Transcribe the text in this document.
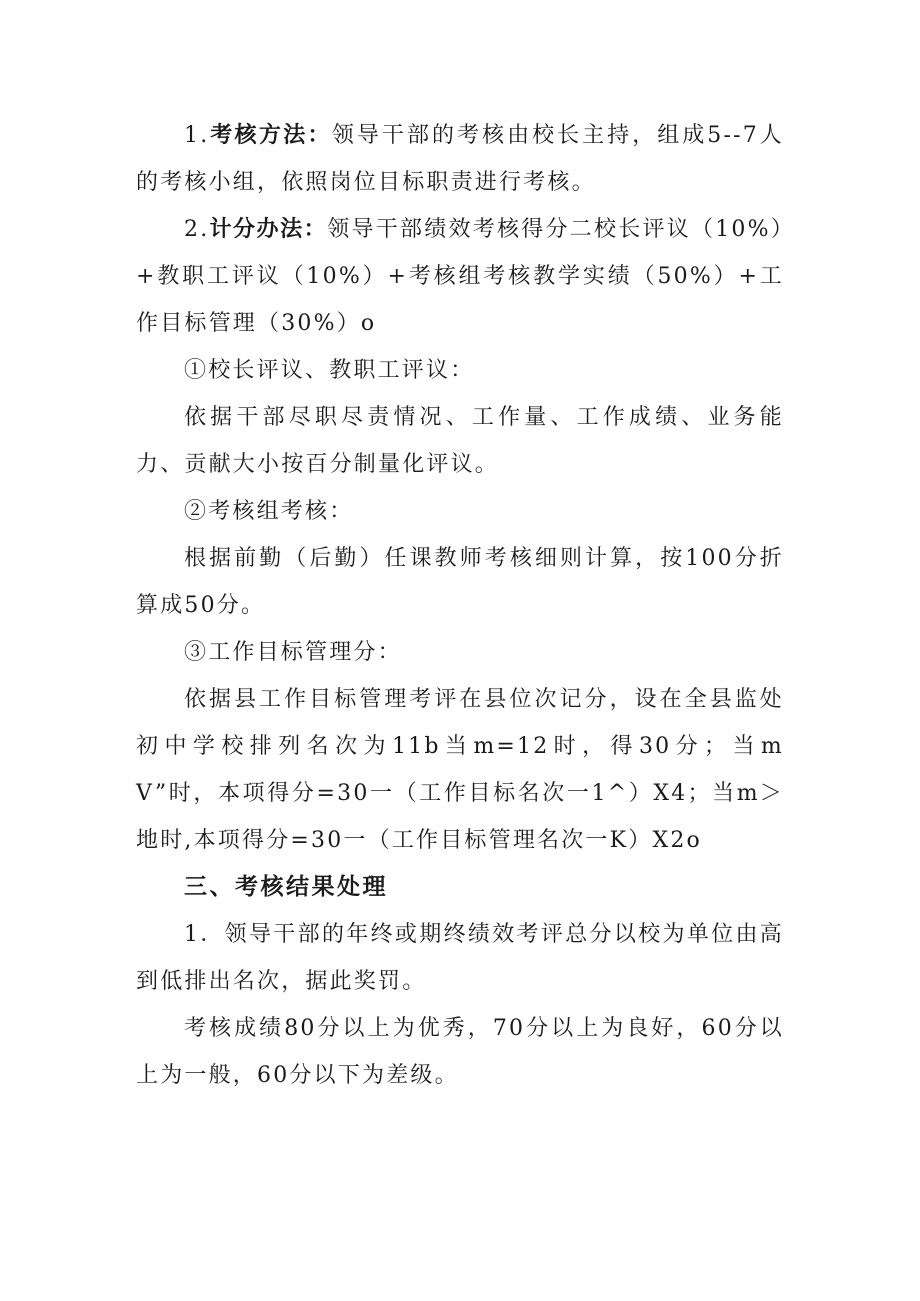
1.考核方法：领导干部的考核由校长主持，组成5--7人的考核小组，依照岗位目标职责进行考核。

2.计分办法：领导干部绩效考核得分二校长评议（10%）+教职工评议（10%）+考核组考核教学实绩（50%）+工作目标管理（30%）o

①校长评议、教职工评议：

依据干部尽职尽责情况、工作量、工作成绩、业务能力、贡献大小按百分制量化评议。

②考核组考核：

根据前勤（后勤）任课教师考核细则计算，按100分折算成50分。

③工作目标管理分：

依据县工作目标管理考评在县位次记分，设在全县监处初中学校排列名次为11b当m=12时，得30分；当mV”时，本项得分=30一（工作目标名次一1^）X4；当m＞地时,本项得分=30一（工作目标管理名次一K）X2o

三、考核结果处理

1．领导干部的年终或期终绩效考评总分以校为单位由高到低排出名次，据此奖罚。

考核成绩80分以上为优秀，70分以上为良好，60分以上为一般，60分以下为差级。
